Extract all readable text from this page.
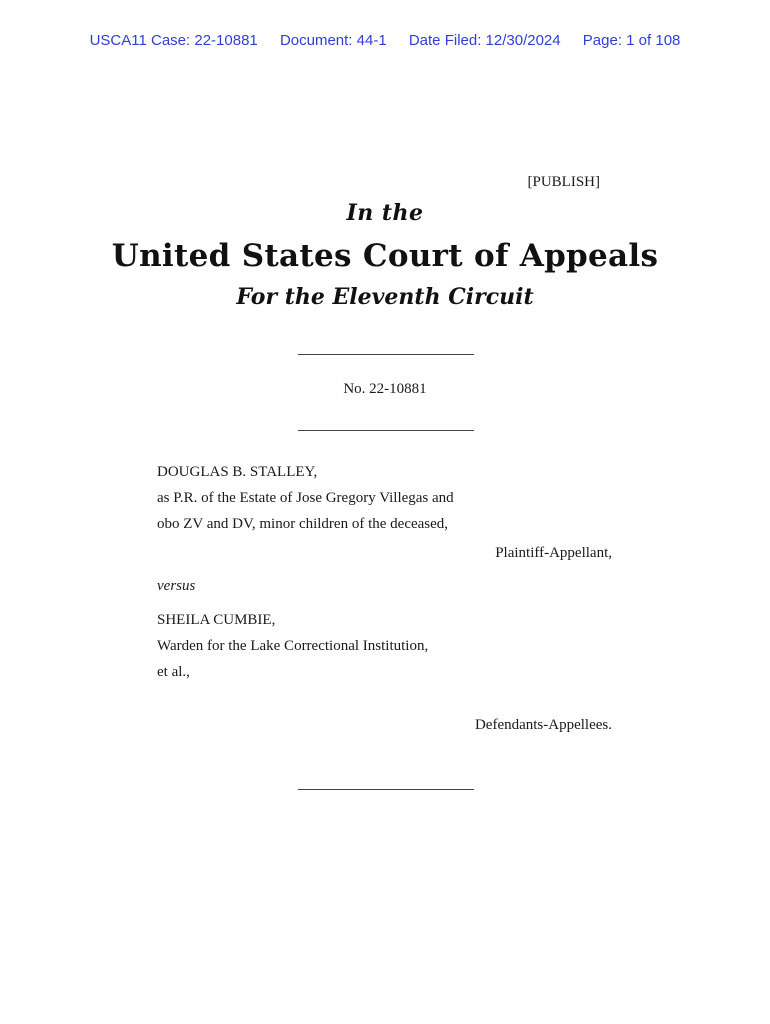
USCA11 Case: 22-10881 Document: 44-1 Date Filed: 12/30/2024 Page: 1 of 108
[PUBLISH]
In the
United States Court of Appeals
For the Eleventh Circuit
No. 22-10881
DOUGLAS B. STALLEY,
as P.R. of the Estate of Jose Gregory Villegas and
obo ZV and DV, minor children of the deceased,
Plaintiff-Appellant,
versus
SHEILA CUMBIE,
Warden for the Lake Correctional Institution,
et al.,
Defendants-Appellees.
